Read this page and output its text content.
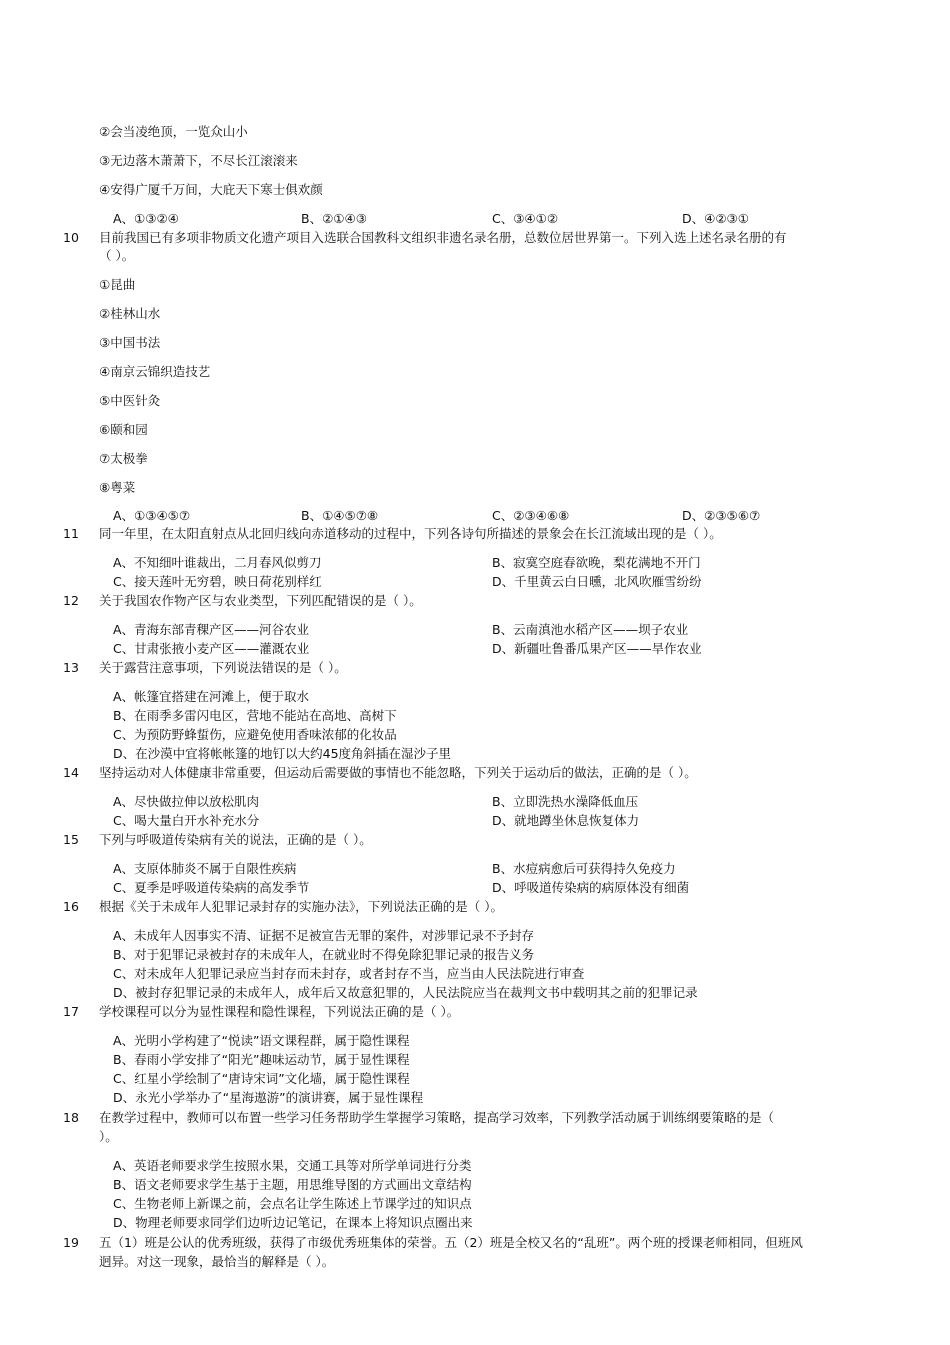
②会当凌绝顶，一览众山小
③无边落木萧萧下，不尽长江滚滚来
④安得广厦千万间，大庇天下寒士俱欢颜
A、①③②④	B、②①④③	C、③④①②	D、④②③①
10 目前我国已有多项非物质文化遗产项目入选联合国教科文组织非遗名录名册，总数位居世界第一。下列入选上述名录名册的有
（ ）。
①昆曲
②桂林山水
③中国书法
④南京云锦织造技艺
⑤中医针灸
⑥颐和园
⑦太极拳
⑧粤菜
A、①③④⑤⑦	B、①④⑤⑦⑧	C、②③④⑥⑧	D、②③⑤⑥⑦
11 同一年里，在太阳直射点从北回归线向赤道移动的过程中，下列各诗句所描述的景象会在长江流域出现的是（ ）。
A、不知细叶谁裁出，二月春风似剪刀	B、寂寞空庭春欲晚，梨花满地不开门
C、接天莲叶无穷碧，映日荷花别样红	D、千里黄云白日曛，北风吹雁雪纷纷
12 关于我国农作物产区与农业类型，下列匹配错误的是（ ）。
A、青海东部青稞产区——河谷农业	B、云南滇池水稻产区——坝子农业
C、甘肃张掖小麦产区——灌溉农业	D、新疆吐鲁番瓜果产区——旱作农业
13 关于露营注意事项，下列说法错误的是（ ）。
A、帐篷宜搭建在河滩上，便于取水
B、在雨季多雷闪电区，营地不能站在高地、高树下
C、为预防野蜂蜇伤，应避免使用香味浓郁的化妆品
D、在沙漠中宜将帐帐篷的地钉以大约45度角斜插在湿沙子里
14 坚持运动对人体健康非常重要，但运动后需要做的事情也不能忽略，下列关于运动后的做法，正确的是（ ）。
A、尽快做拉伸以放松肌肉	B、立即洗热水澡降低血压
C、喝大量白开水补充水分	D、就地蹲坐休息恢复体力
15 下列与呼吸道传染病有关的说法，正确的是（ ）。
A、支原体肺炎不属于自限性疾病	B、水痘病愈后可获得持久免疫力
C、夏季是呼吸道传染病的高发季节	D、呼吸道传染病的病原体没有细菌
16 根据《关于未成年人犯罪记录封存的实施办法》，下列说法正确的是（ ）。
A、未成年人因事实不清、证据不足被宣告无罪的案件，对涉罪记录不予封存
B、对于犯罪记录被封存的未成年人，在就业时不得免除犯罪记录的报告义务
C、对未成年人犯罪记录应当封存而未封存，或者封存不当，应当由人民法院进行审查
D、被封存犯罪记录的未成年人，成年后又故意犯罪的，人民法院应当在裁判文书中载明其之前的犯罪记录
17 学校课程可以分为显性课程和隐性课程，下列说法正确的是（ ）。
A、光明小学构建了“悦读”语文课程群，属于隐性课程
B、春雨小学安排了“阳光”趣味运动节，属于显性课程
C、红星小学绘制了“唐诗宋词”文化墙，属于隐性课程
D、永光小学举办了“星海遨游”的演讲赛，属于显性课程
18 在教学过程中，教师可以布置一些学习任务帮助学生掌握学习策略，提高学习效率，下列教学活动属于训练纲要策略的是（
）。
A、英语老师要求学生按照水果，交通工具等对所学单词进行分类
B、语文老师要求学生基于主题，用思维导图的方式画出文章结构
C、生物老师上新课之前，会点名让学生陈述上节课学过的知识点
D、物理老师要求同学们边听边记笔记，在课本上将知识点圈出来
19 五（1）班是公认的优秀班级，获得了市级优秀班集体的荣誉。五（2）班是全校又名的“乱班”。两个班的授课老师相同，但班风
迥异。对这一现象，最恰当的解释是（ ）。
